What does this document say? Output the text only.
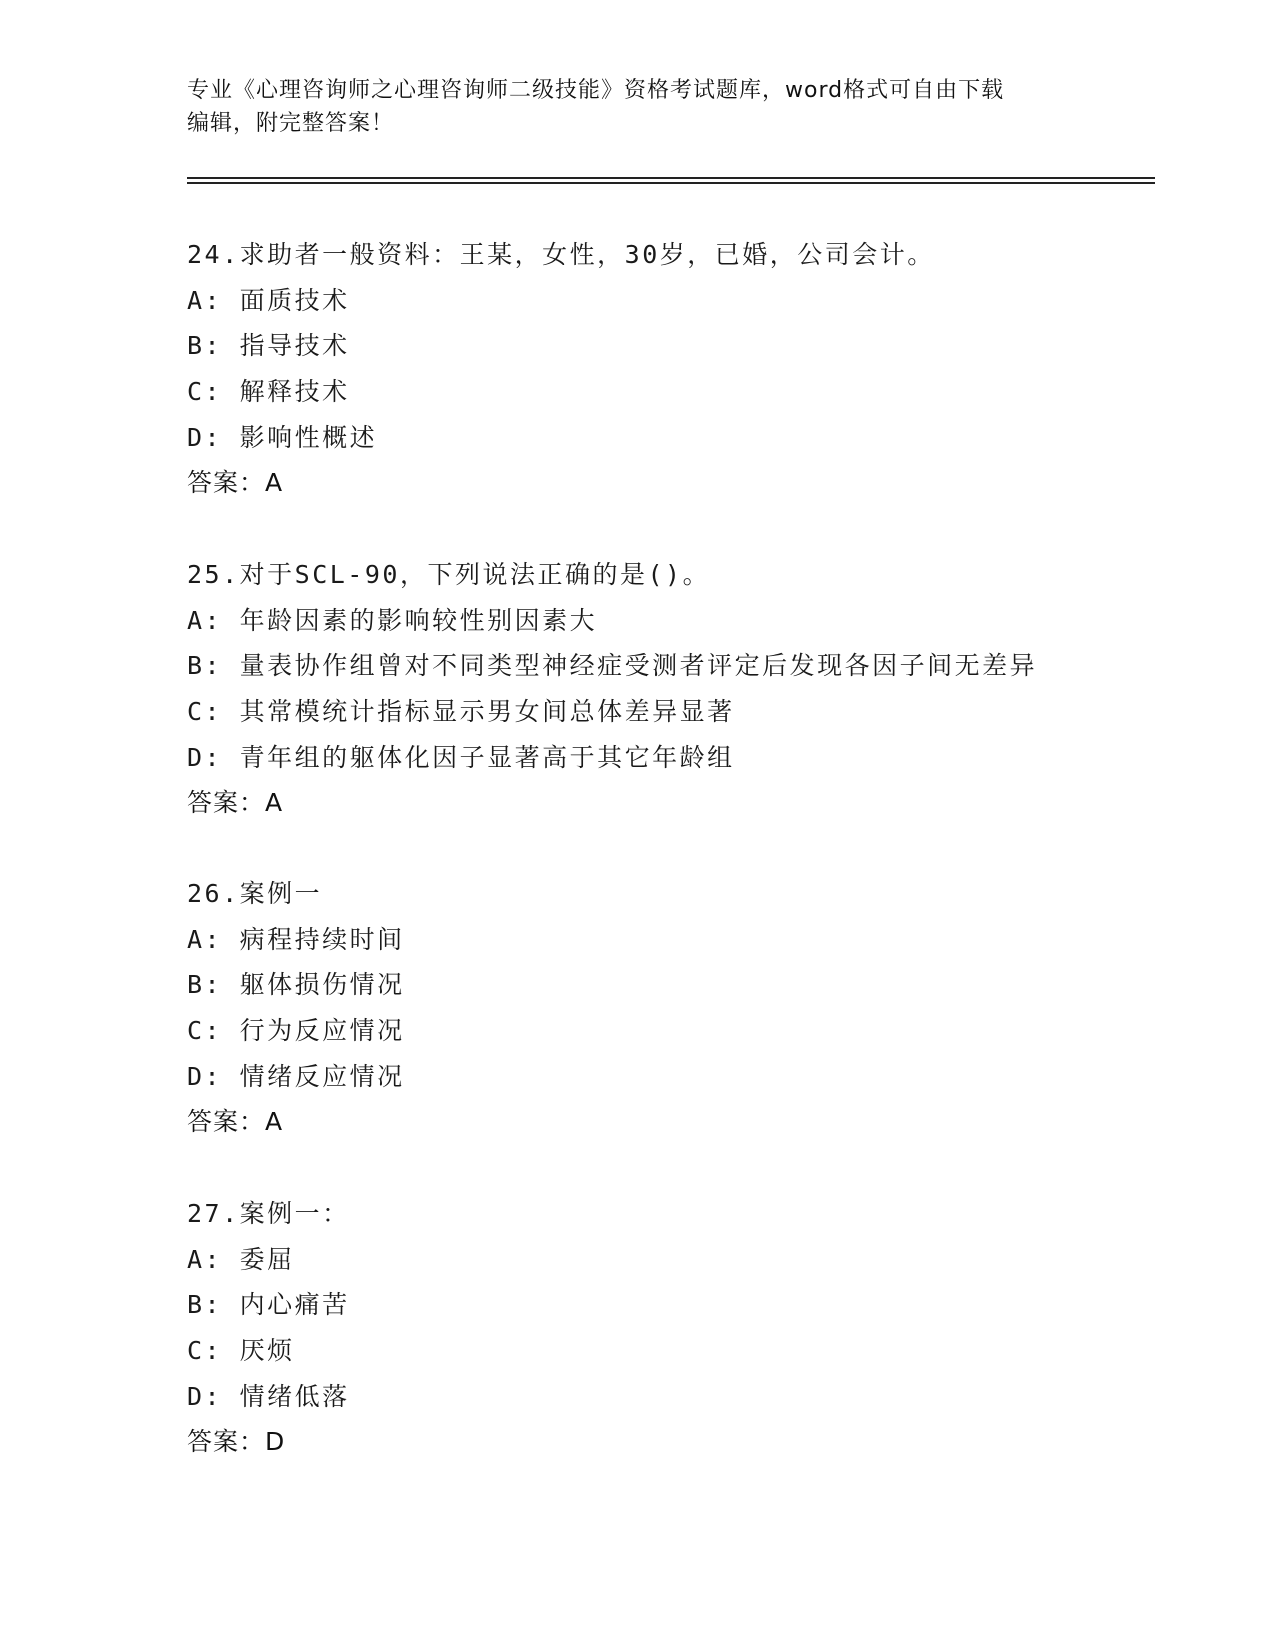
专业《心理咨询师之心理咨询师二级技能》资格考试题库，word格式可自由下载
编辑，附完整答案！
24.求助者一般资料：王某，女性，30岁，已婚，公司会计。
A: 面质技术
B: 指导技术
C: 解释技术
D: 影响性概述
答案：A
25.对于SCL-90，下列说法正确的是()。
A: 年龄因素的影响较性别因素大
B: 量表协作组曾对不同类型神经症受测者评定后发现各因子间无差异
C: 其常模统计指标显示男女间总体差异显著
D: 青年组的躯体化因子显著高于其它年龄组
答案：A
26.案例一
A: 病程持续时间
B: 躯体损伤情况
C: 行为反应情况
D: 情绪反应情况
答案：A
27.案例一：
A: 委屈
B: 内心痛苦
C: 厌烦
D: 情绪低落
答案：D
